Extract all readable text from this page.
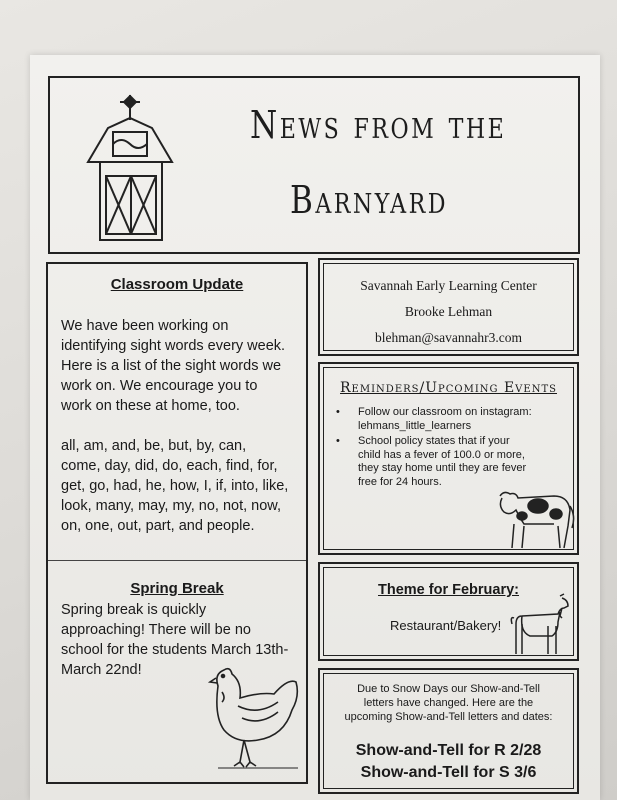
News from the
Barnyard
Classroom Update
We have been working on
identifying sight words every week.
Here is a list of the sight words we
work on. We encourage you to
work on these at home, too.
all, am, and, be, but, by, can,
come, day, did, do, each, find, for,
get, go, had, he, how, I, if, into, like,
look, many, may, my, no, not, now,
on, one, out, part, and people.
Spring Break
Spring break is quickly
approaching! There will be no
school for the students March 13th-
March 22nd!
Savannah Early Learning Center
Brooke Lehman
blehman@savannahr3.com
Reminders/Upcoming Events
• Follow our classroom on instagram:
lehmans_little_learners
• School policy states that if your
child has a fever of 100.0 or more,
they stay home until they are fever
free for 24 hours.
Theme for February:
Restaurant/Bakery!
Due to Snow Days our Show-and-Tell
letters have changed. Here are the
upcoming Show-and-Tell letters and dates:
Show-and-Tell for R 2/28
Show-and-Tell for S 3/6
